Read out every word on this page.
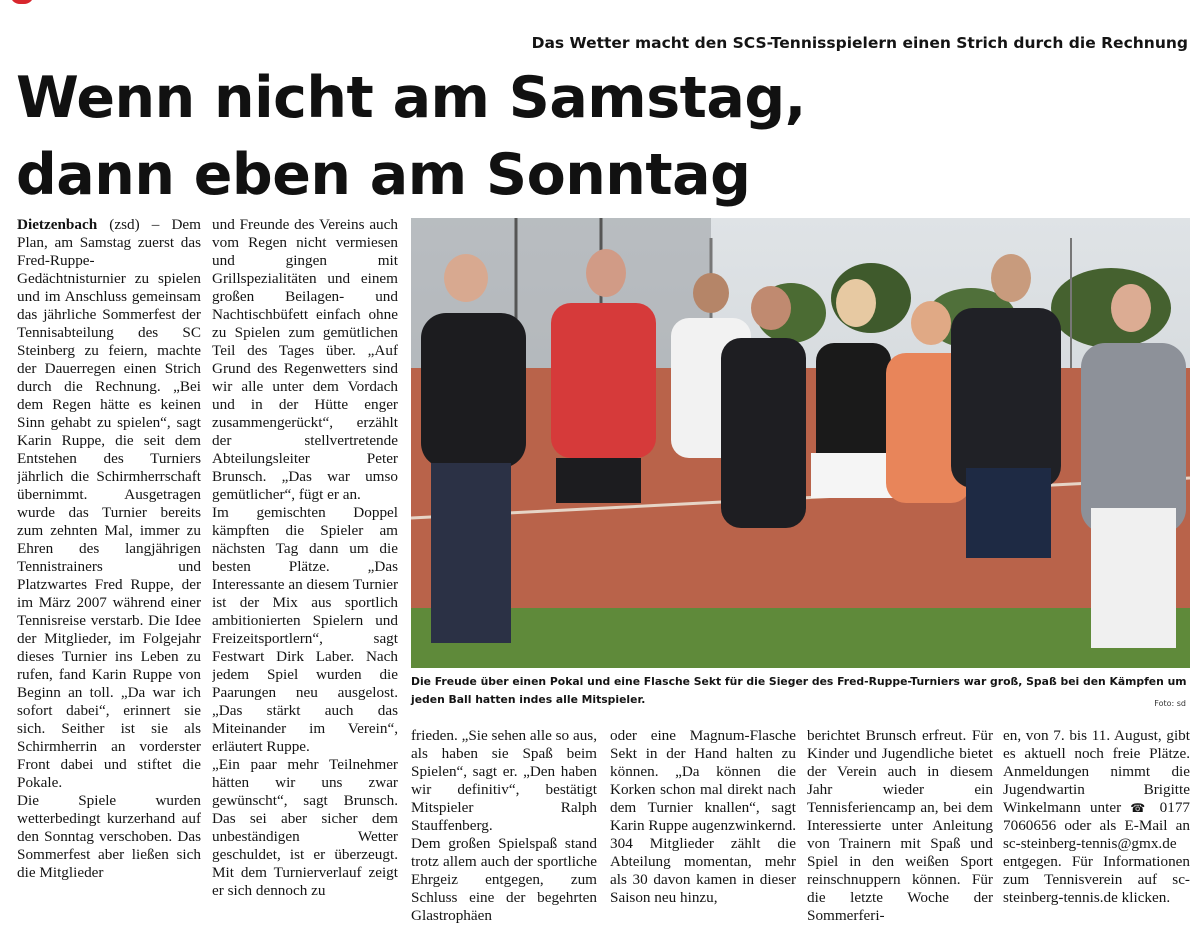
Das Wetter macht den SCS-Tennisspielern einen Strich durch die Rechnung
Wenn nicht am Samstag,
dann eben am Sonntag

Dietzenbach (zsd) – Dem Plan, am Samstag zuerst das Fred-Ruppe-Gedächtnisturnier zu spielen und im Anschluss gemeinsam das jährliche Sommerfest der Tennisabteilung des SC Steinberg zu feiern, machte der Dauerregen einen Strich durch die Rechnung. „Bei dem Regen hätte es keinen Sinn gehabt zu spielen“, sagt Karin Ruppe, die seit dem Entstehen des Turniers jährlich die Schirmherrschaft übernimmt. Ausgetragen wurde das Turnier bereits zum zehnten Mal, immer zu Ehren des langjährigen Tennistrainers und Platzwartes Fred Ruppe, der im März 2007 während einer Tennisreise verstarb. Die Idee der Mitglieder, im Folgejahr dieses Turnier ins Leben zu rufen, fand Karin Ruppe von Beginn an toll. „Da war ich sofort dabei“, erinnert sie sich. Seither ist sie als Schirmherrin an vorderster Front dabei und stiftet die Pokale.

Die Spiele wurden wetterbedingt kurzerhand auf den Sonntag verschoben. Das Sommerfest aber ließen sich die Mitglieder

und Freunde des Vereins auch vom Regen nicht vermiesen und gingen mit Grillspezialitäten und einem großen Beilagen- und Nachtischbüfett einfach ohne zu Spielen zum gemütlichen Teil des Tages über. „Auf Grund des Regenwetters sind wir alle unter dem Vordach und in der Hütte enger zusammengerückt“, erzählt der stellvertretende Abteilungsleiter Peter Brunsch. „Das war umso gemütlicher“, fügt er an.

Im gemischten Doppel kämpften die Spieler am nächsten Tag dann um die besten Plätze. „Das Interessante an diesem Turnier ist der Mix aus sportlich ambitionierten Spielern und Freizeitsportlern“, sagt Festwart Dirk Laber. Nach jedem Spiel wurden die Paarungen neu ausgelost. „Das stärkt auch das Miteinander im Verein“, erläutert Ruppe.

„Ein paar mehr Teilnehmer hätten wir uns zwar gewünscht“, sagt Brunsch. Das sei aber sicher dem unbeständigen Wetter geschuldet, ist er überzeugt. Mit dem Turnierverlauf zeigt er sich dennoch zu

Die Freude über einen Pokal und eine Flasche Sekt für die Sieger des Fred-Ruppe-Turniers war groß, Spaß bei den Kämpfen um jeden Ball hatten indes alle Mitspieler.	Foto: sd

frieden. „Sie sehen alle so aus, als haben sie Spaß beim Spielen“, sagt er. „Den haben wir definitiv“, bestätigt Mitspieler Ralph Stauffenberg.

Dem großen Spielspaß stand trotz allem auch der sportliche Ehrgeiz entgegen, zum Schluss eine der begehrten Glastrophäen

oder eine Magnum-Flasche Sekt in der Hand halten zu können. „Da können die Korken schon mal direkt nach dem Turnier knallen“, sagt Karin Ruppe augenzwinkernd.

304 Mitglieder zählt die Abteilung momentan, mehr als 30 davon kamen in dieser Saison neu hinzu,

berichtet Brunsch erfreut. Für Kinder und Jugendliche bietet der Verein auch in diesem Jahr wieder ein Tennisferiencamp an, bei dem Interessierte unter Anleitung von Trainern mit Spaß und Spiel in den weißen Sport reinschnuppern können. Für die letzte Woche der Sommerferi-

en, von 7. bis 11. August, gibt es aktuell noch freie Plätze. Anmeldungen nimmt die Jugendwartin Brigitte Winkelmann unter ☎ 0177 7060656 oder als E-Mail an sc-steinberg-tennis@gmx.de entgegen. Für Informationen zum Tennisverein auf sc-steinberg-tennis.de klicken.
